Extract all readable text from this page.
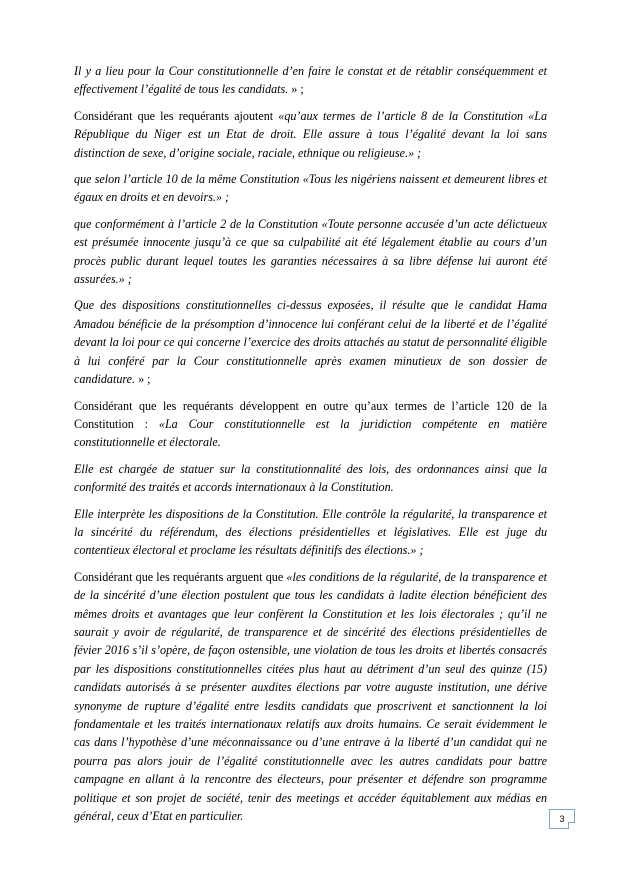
Il y a lieu pour la Cour constitutionnelle d’en faire le constat et de rétablir conséquemment et effectivement l’égalité de tous les candidats. » ;

Considérant que les requérants ajoutent «qu’aux termes de l’article 8 de la Constitution «La République du Niger est un Etat de droit. Elle assure à tous l’égalité devant la loi sans distinction de sexe, d’origine sociale, raciale, ethnique ou religieuse.» ;

que selon l’article 10 de la même Constitution «Tous les nigériens naissent et demeurent libres et égaux en droits et en devoirs.» ;

que conformément à l’article 2 de la Constitution «Toute personne accusée d’un acte délictueux est présumée innocente jusqu’à ce que sa culpabilité ait été légalement établie au cours d’un procès public durant lequel toutes les garanties nécessaires à sa libre défense lui auront été assurées.» ;

Que des dispositions constitutionnelles ci-dessus exposées, il résulte que le candidat Hama Amadou bénéficie de la présomption d’innocence lui conférant celui de la liberté et de l’égalité devant la loi pour ce qui concerne l’exercice des droits attachés au statut de personnalité éligible à lui conféré par la Cour constitutionnelle après examen minutieux de son dossier de candidature. » ;

Considérant que les requérants développent en outre qu’aux termes de l’article 120 de la Constitution : «La Cour constitutionnelle est la juridiction compétente en matière constitutionnelle et électorale.

Elle est chargée de statuer sur la constitutionnalité des lois, des ordonnances ainsi que la conformité des traités et accords internationaux à la Constitution.

Elle interprète les dispositions de la Constitution. Elle contrôle la régularité, la transparence et la sincérité du référendum, des élections présidentielles et législatives. Elle est juge du contentieux électoral et proclame les résultats définitifs des élections.» ;

Considérant que les requérants arguent que «les conditions de la régularité, de la transparence et de la sincérité d’une élection postulent que tous les candidats à ladite élection bénéficient des mêmes droits et avantages que leur confèrent la Constitution et les lois électorales ; qu’il ne saurait y avoir de régularité, de transparence et de sincérité des élections présidentielles de févier 2016 s’il s’opère, de façon ostensible, une violation de tous les droits et libertés consacrés par les dispositions constitutionnelles citées plus haut au détriment d’un seul des quinze (15) candidats autorisés à se présenter auxdites élections par votre auguste institution, une dérive synonyme de rupture d’égalité entre lesdits candidats que proscrivent et sanctionnent la loi fondamentale et les traités internationaux relatifs aux droits humains. Ce serait évidemment le cas dans l’hypothèse d’une méconnaissance ou d’une entrave à la liberté d’un candidat qui ne pourra pas alors jouir de l’égalité constitutionnelle avec les autres candidats pour battre campagne en allant à la rencontre des électeurs, pour présenter et défendre son programme politique et son projet de société, tenir des meetings et accéder équitablement aux médias en général, ceux d’Etat en particulier.	3
